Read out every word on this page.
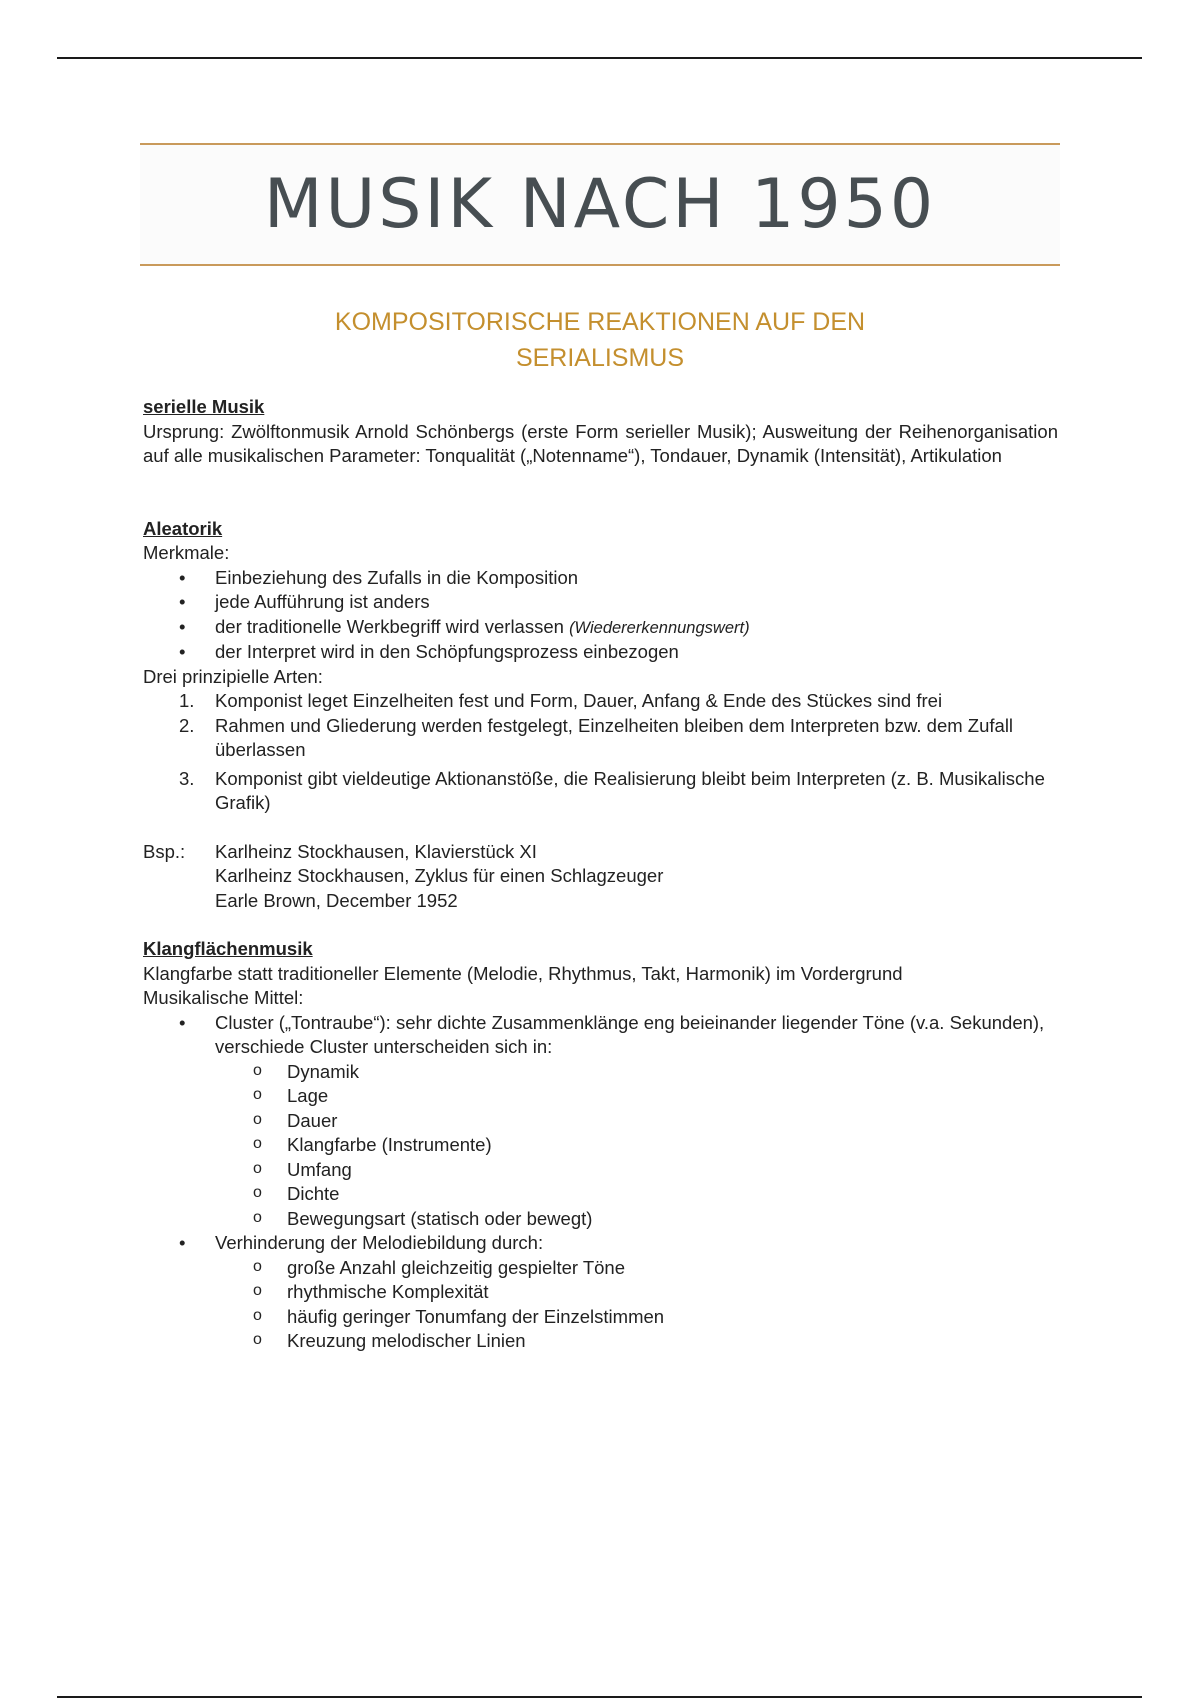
MUSIK NACH 1950
KOMPOSITORISCHE REAKTIONEN AUF DEN
SERIALISMUS

serielle Musik

Ursprung: Zwölftonmusik Arnold Schönbergs (erste Form serieller Musik); Ausweitung der Reihenorganisation auf alle musikalischen Parameter: Tonqualität („Notenname“), Tondauer, Dynamik (Intensität), Artikulation

Aleatorik

Merkmale:

• Einbeziehung des Zufalls in die Komposition
• jede Aufführung ist anders
• der traditionelle Werkbegriff wird verlassen (Wiedererkennungswert)
• der Interpret wird in den Schöpfungsprozess einbezogen

Drei prinzipielle Arten:

1. Komponist leget Einzelheiten fest und Form, Dauer, Anfang & Ende des Stückes sind frei
2. Rahmen und Gliederung werden festgelegt, Einzelheiten bleiben dem Interpreten bzw. dem Zufall überlassen
3. Komponist gibt vieldeutige Aktionanstöße, die Realisierung bleibt beim Interpreten (z. B. Musikalische Grafik)
Bsp.:	Karlheinz Stockhausen, Klavierstück XI
Karlheinz Stockhausen, Zyklus für einen Schlagzeuger
Earle Brown, December 1952

Klangflächenmusik

Klangfarbe statt traditioneller Elemente (Melodie, Rhythmus, Takt, Harmonik) im Vordergrund

Musikalische Mittel:

• Cluster („Tontraube“): sehr dichte Zusammenklänge eng beieinander liegender Töne (v.a. Sekunden), verschiede Cluster unterscheiden sich in:
o Dynamik
o Lage
o Dauer
o Klangfarbe (Instrumente)
o Umfang
o Dichte
o Bewegungsart (statisch oder bewegt)
• Verhinderung der Melodiebildung durch:
o große Anzahl gleichzeitig gespielter Töne
o rhythmische Komplexität
o häufig geringer Tonumfang der Einzelstimmen
o Kreuzung melodischer Linien
